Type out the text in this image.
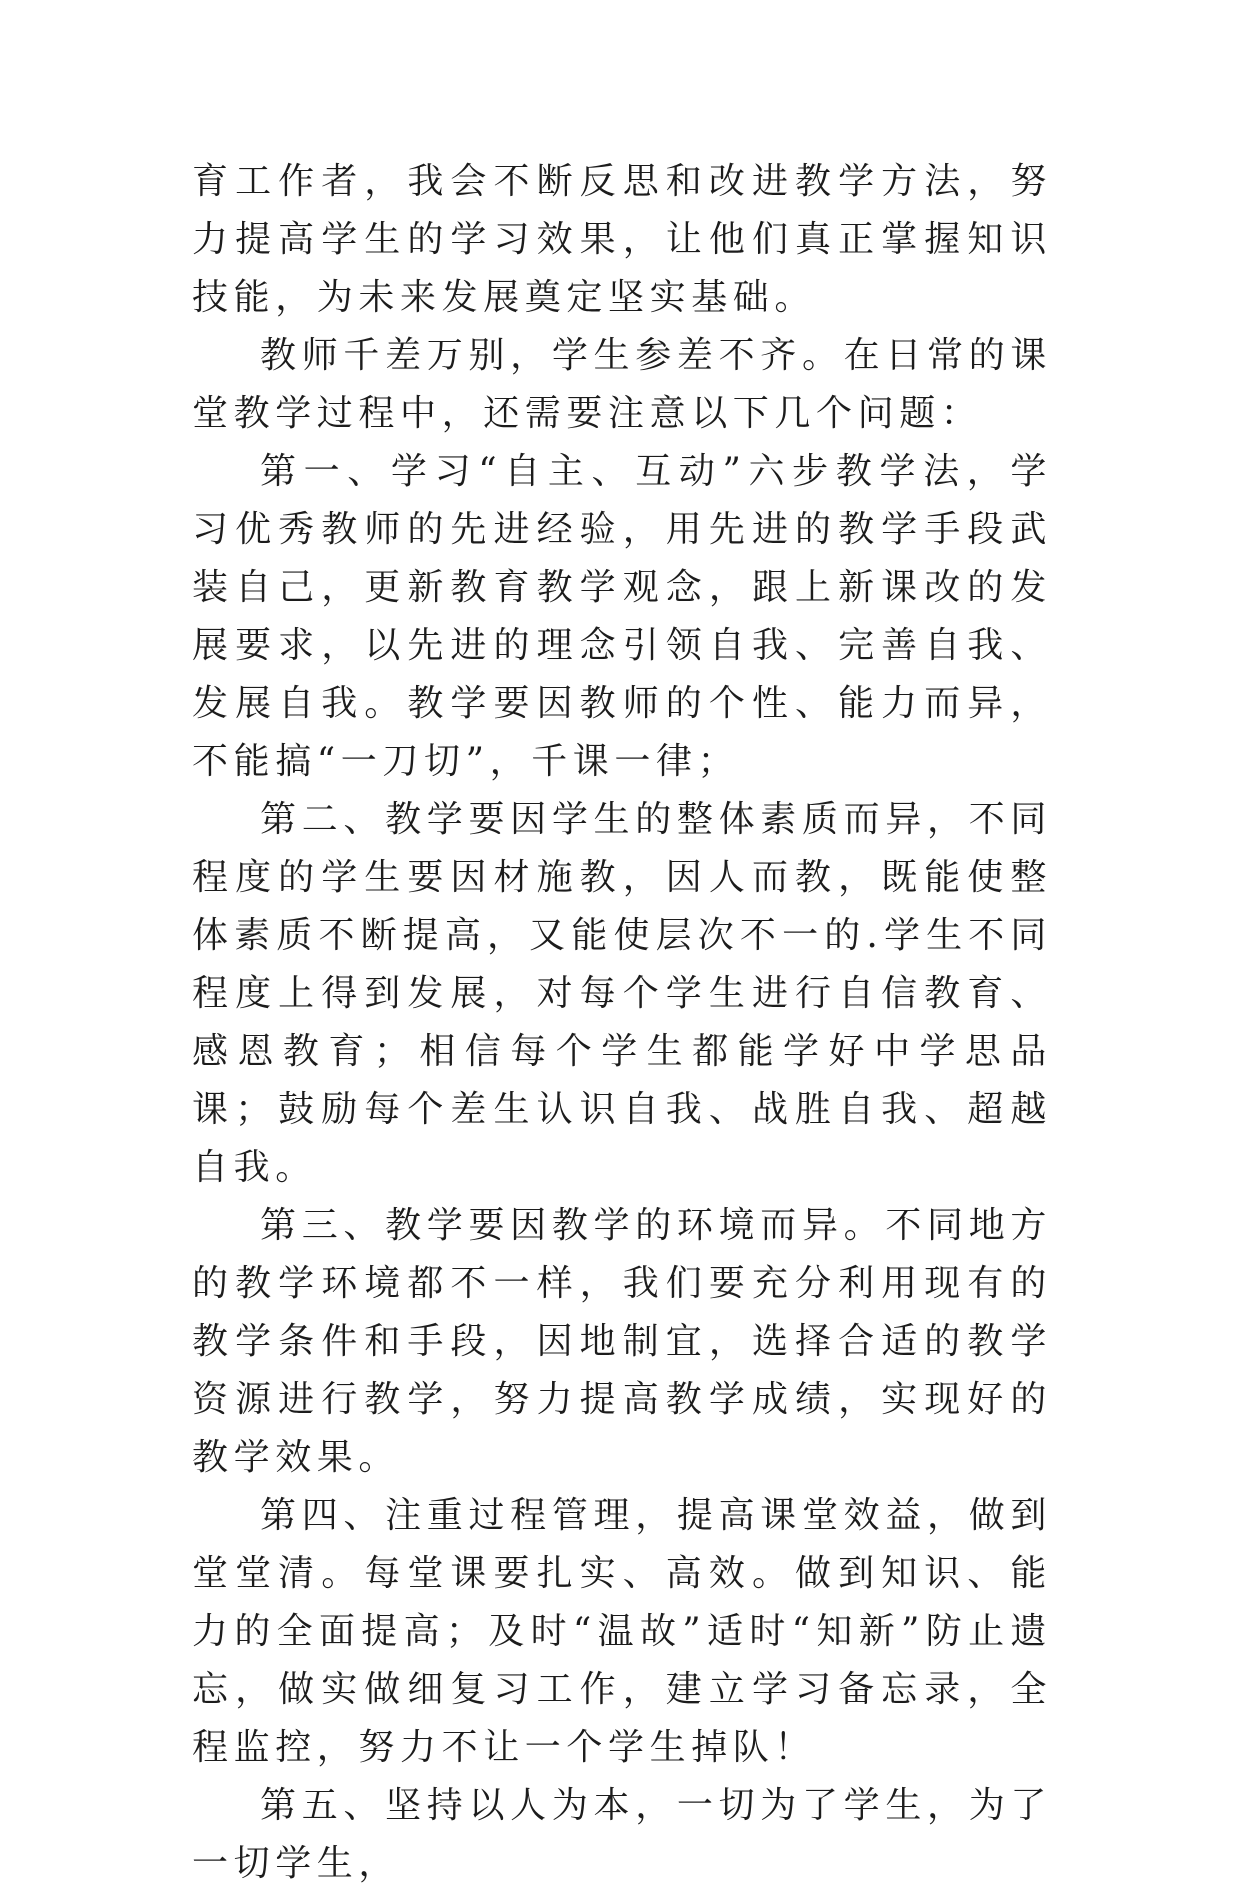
育工作者，我会不断反思和改进教学方法，努力提高学生的学习效果，让他们真正掌握知识技能，为未来发展奠定坚实基础。

教师千差万别，学生参差不齐。在日常的课堂教学过程中，还需要注意以下几个问题：

第一、学习“自主、互动”六步教学法，学习优秀教师的先进经验，用先进的教学手段武装自己，更新教育教学观念，跟上新课改的发展要求，以先进的理念引领自我、完善自我、发展自我。教学要因教师的个性、能力而异，不能搞“一刀切”，千课一律；

第二、教学要因学生的整体素质而异，不同程度的学生要因材施教，因人而教，既能使整体素质不断提高，又能使层次不一的.学生不同程度上得到发展，对每个学生进行自信教育、感恩教育；相信每个学生都能学好中学思品课；鼓励每个差生认识自我、战胜自我、超越自我。

第三、教学要因教学的环境而异。不同地方的教学环境都不一样，我们要充分利用现有的教学条件和手段，因地制宜，选择合适的教学资源进行教学，努力提高教学成绩，实现好的教学效果。

第四、注重过程管理，提高课堂效益，做到堂堂清。每堂课要扎实、高效。做到知识、能力的全面提高；及时“温故”适时“知新”防止遗忘，做实做细复习工作，建立学习备忘录，全程监控，努力不让一个学生掉队！

第五、坚持以人为本，一切为了学生，为了一切学生，
